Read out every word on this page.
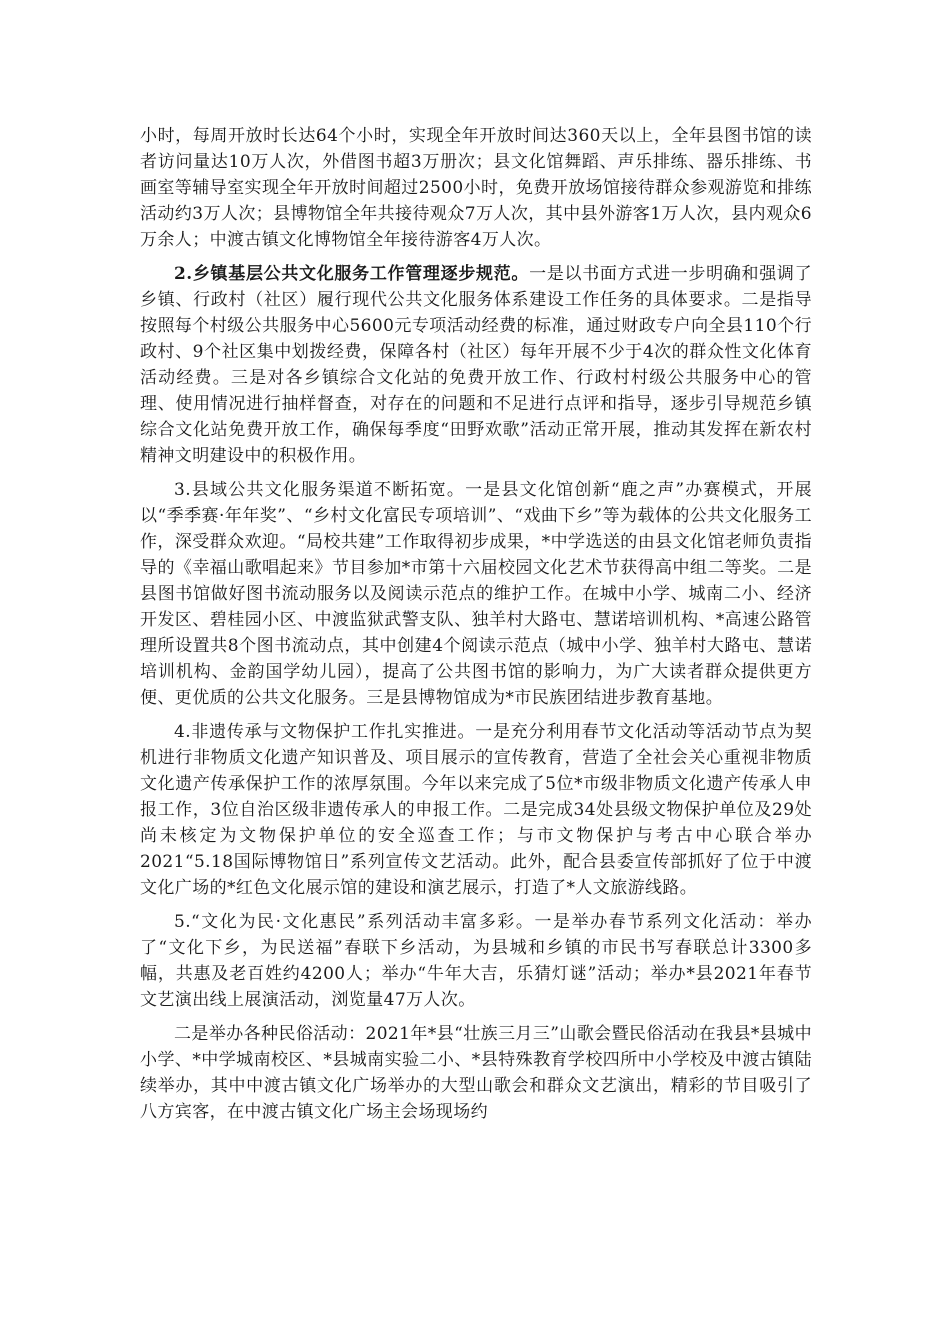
小时，每周开放时长达64个小时，实现全年开放时间达360天以上，全年县图书馆的读者访问量达10万人次，外借图书超3万册次；县文化馆舞蹈、声乐排练、器乐排练、书画室等辅导室实现全年开放时间超过2500小时，免费开放场馆接待群众参观游览和排练活动约3万人次；县博物馆全年共接待观众7万人次，其中县外游客1万人次，县内观众6万余人；中渡古镇文化博物馆全年接待游客4万人次。

2.乡镇基层公共文化服务工作管理逐步规范。一是以书面方式进一步明确和强调了乡镇、行政村（社区）履行现代公共文化服务体系建设工作任务的具体要求。二是指导按照每个村级公共服务中心5600元专项活动经费的标准，通过财政专户向全县110个行政村、9个社区集中划拨经费，保障各村（社区）每年开展不少于4次的群众性文化体育活动经费。三是对各乡镇综合文化站的免费开放工作、行政村村级公共服务中心的管理、使用情况进行抽样督查，对存在的问题和不足进行点评和指导，逐步引导规范乡镇综合文化站免费开放工作，确保每季度“田野欢歌”活动正常开展，推动其发挥在新农村精神文明建设中的积极作用。

3.县域公共文化服务渠道不断拓宽。一是县文化馆创新“鹿之声”办赛模式，开展以“季季赛·年年奖”、“乡村文化富民专项培训”、“戏曲下乡”等为载体的公共文化服务工作，深受群众欢迎。“局校共建”工作取得初步成果，*中学选送的由县文化馆老师负责指导的《幸福山歌唱起来》节目参加*市第十六届校园文化艺术节获得高中组二等奖。二是县图书馆做好图书流动服务以及阅读示范点的维护工作。在城中小学、城南二小、经济开发区、碧桂园小区、中渡监狱武警支队、独羊村大路屯、慧诺培训机构、*高速公路管理所设置共8个图书流动点，其中创建4个阅读示范点（城中小学、独羊村大路屯、慧诺培训机构、金韵国学幼儿园），提高了公共图书馆的影响力，为广大读者群众提供更方便、更优质的公共文化服务。三是县博物馆成为*市民族团结进步教育基地。

4.非遗传承与文物保护工作扎实推进。一是充分利用春节文化活动等活动节点为契机进行非物质文化遗产知识普及、项目展示的宣传教育，营造了全社会关心重视非物质文化遗产传承保护工作的浓厚氛围。今年以来完成了5位*市级非物质文化遗产传承人申报工作，3位自治区级非遗传承人的申报工作。二是完成34处县级文物保护单位及29处尚未核定为文物保护单位的安全巡查工作；与市文物保护与考古中心联合举办2021“5.18国际博物馆日”系列宣传文艺活动。此外，配合县委宣传部抓好了位于中渡文化广场的*红色文化展示馆的建设和演艺展示，打造了*人文旅游线路。

5.“文化为民·文化惠民”系列活动丰富多彩。一是举办春节系列文化活动：举办了“文化下乡，为民送福”春联下乡活动，为县城和乡镇的市民书写春联总计3300多幅，共惠及老百姓约4200人；举办“牛年大吉，乐猜灯谜”活动；举办*县2021年春节文艺演出线上展演活动，浏览量47万人次。

二是举办各种民俗活动：2021年*县“壮族三月三”山歌会暨民俗活动在我县*县城中小学、*中学城南校区、*县城南实验二小、*县特殊教育学校四所中小学校及中渡古镇陆续举办，其中中渡古镇文化广场举办的大型山歌会和群众文艺演出，精彩的节目吸引了八方宾客，在中渡古镇文化广场主会场现场约
